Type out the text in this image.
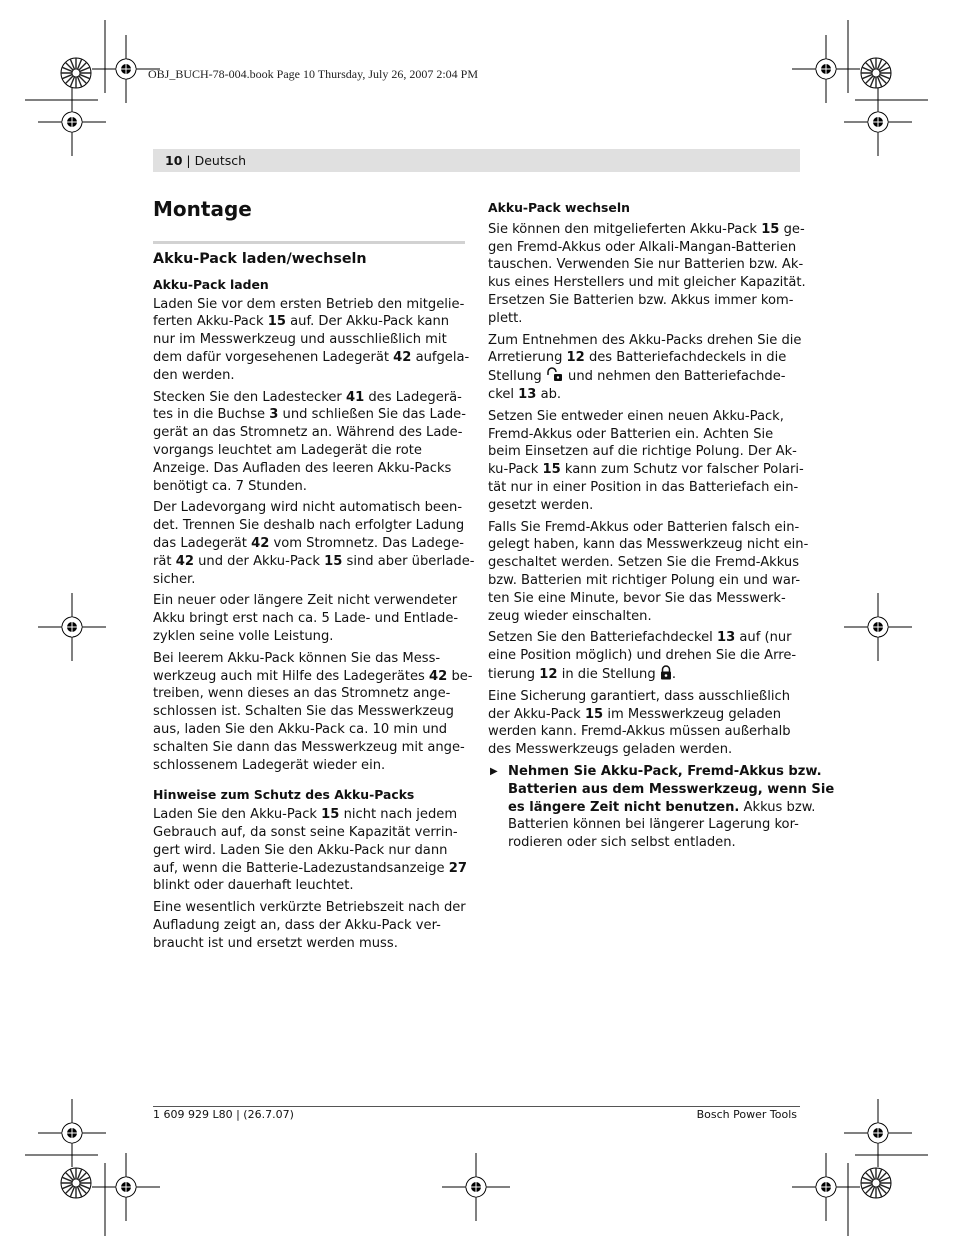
OBJ_BUCH-78-004.book Page 10 Thursday, July 26, 2007 2:04 PM
10 | Deutsch
Montage
Akku-Pack laden/wechseln
Akku-Pack laden

Laden Sie vor dem ersten Betrieb den mitgelie-
ferten Akku-Pack 15 auf. Der Akku-Pack kann
nur im Messwerkzeug und ausschließlich mit
dem dafür vorgesehenen Ladegerät 42 aufgela-
den werden.

Stecken Sie den Ladestecker 41 des Ladegerä-
tes in die Buchse 3 und schließen Sie das Lade-
gerät an das Stromnetz an. Während des Lade-
vorgangs leuchtet am Ladegerät die rote
Anzeige. Das Aufladen des leeren Akku-Packs
benötigt ca. 7 Stunden.

Der Ladevorgang wird nicht automatisch been-
det. Trennen Sie deshalb nach erfolgter Ladung
das Ladegerät 42 vom Stromnetz. Das Ladege-
rät 42 und der Akku-Pack 15 sind aber überlade-
sicher.

Ein neuer oder längere Zeit nicht verwendeter
Akku bringt erst nach ca. 5 Lade- und Entlade-
zyklen seine volle Leistung.

Bei leerem Akku-Pack können Sie das Mess-
werkzeug auch mit Hilfe des Ladegerätes 42 be-
treiben, wenn dieses an das Stromnetz ange-
schlossen ist. Schalten Sie das Messwerkzeug
aus, laden Sie den Akku-Pack ca. 10 min und
schalten Sie dann das Messwerkzeug mit ange-
schlossenem Ladegerät wieder ein.

Hinweise zum Schutz des Akku-Packs

Laden Sie den Akku-Pack 15 nicht nach jedem
Gebrauch auf, da sonst seine Kapazität verrin-
gert wird. Laden Sie den Akku-Pack nur dann
auf, wenn die Batterie-Ladezustandsanzeige 27
blinkt oder dauerhaft leuchtet.

Eine wesentlich verkürzte Betriebszeit nach der
Aufladung zeigt an, dass der Akku-Pack ver-
braucht ist und ersetzt werden muss.

Akku-Pack wechseln

Sie können den mitgelieferten Akku-Pack 15 ge-
gen Fremd-Akkus oder Alkali-Mangan-Batterien
tauschen. Verwenden Sie nur Batterien bzw. Ak-
kus eines Herstellers und mit gleicher Kapazität.
Ersetzen Sie Batterien bzw. Akkus immer kom-
plett.

Zum Entnehmen des Akku-Packs drehen Sie die
Arretierung 12 des Batteriefachdeckels in die
Stellung  und nehmen den Batteriefachde-
ckel 13 ab.

Setzen Sie entweder einen neuen Akku-Pack,
Fremd-Akkus oder Batterien ein. Achten Sie
beim Einsetzen auf die richtige Polung. Der Ak-
ku-Pack 15 kann zum Schutz vor falscher Polari-
tät nur in einer Position in das Batteriefach ein-
gesetzt werden.

Falls Sie Fremd-Akkus oder Batterien falsch ein-
gelegt haben, kann das Messwerkzeug nicht ein-
geschaltet werden. Setzen Sie die Fremd-Akkus
bzw. Batterien mit richtiger Polung ein und war-
ten Sie eine Minute, bevor Sie das Messwerk-
zeug wieder einschalten.

Setzen Sie den Batteriefachdeckel 13 auf (nur
eine Position möglich) und drehen Sie die Arre-
tierung 12 in die Stellung .

Eine Sicherung garantiert, dass ausschließlich
der Akku-Pack 15 im Messwerkzeug geladen
werden kann. Fremd-Akkus müssen außerhalb
des Messwerkzeugs geladen werden.

▶ Nehmen Sie Akku-Pack, Fremd-Akkus bzw.
Batterien aus dem Messwerkzeug, wenn Sie
es längere Zeit nicht benutzen. Akkus bzw.
Batterien können bei längerer Lagerung kor-
rodieren oder sich selbst entladen.

1 609 929 L80 | (26.7.07)	Bosch Power Tools
